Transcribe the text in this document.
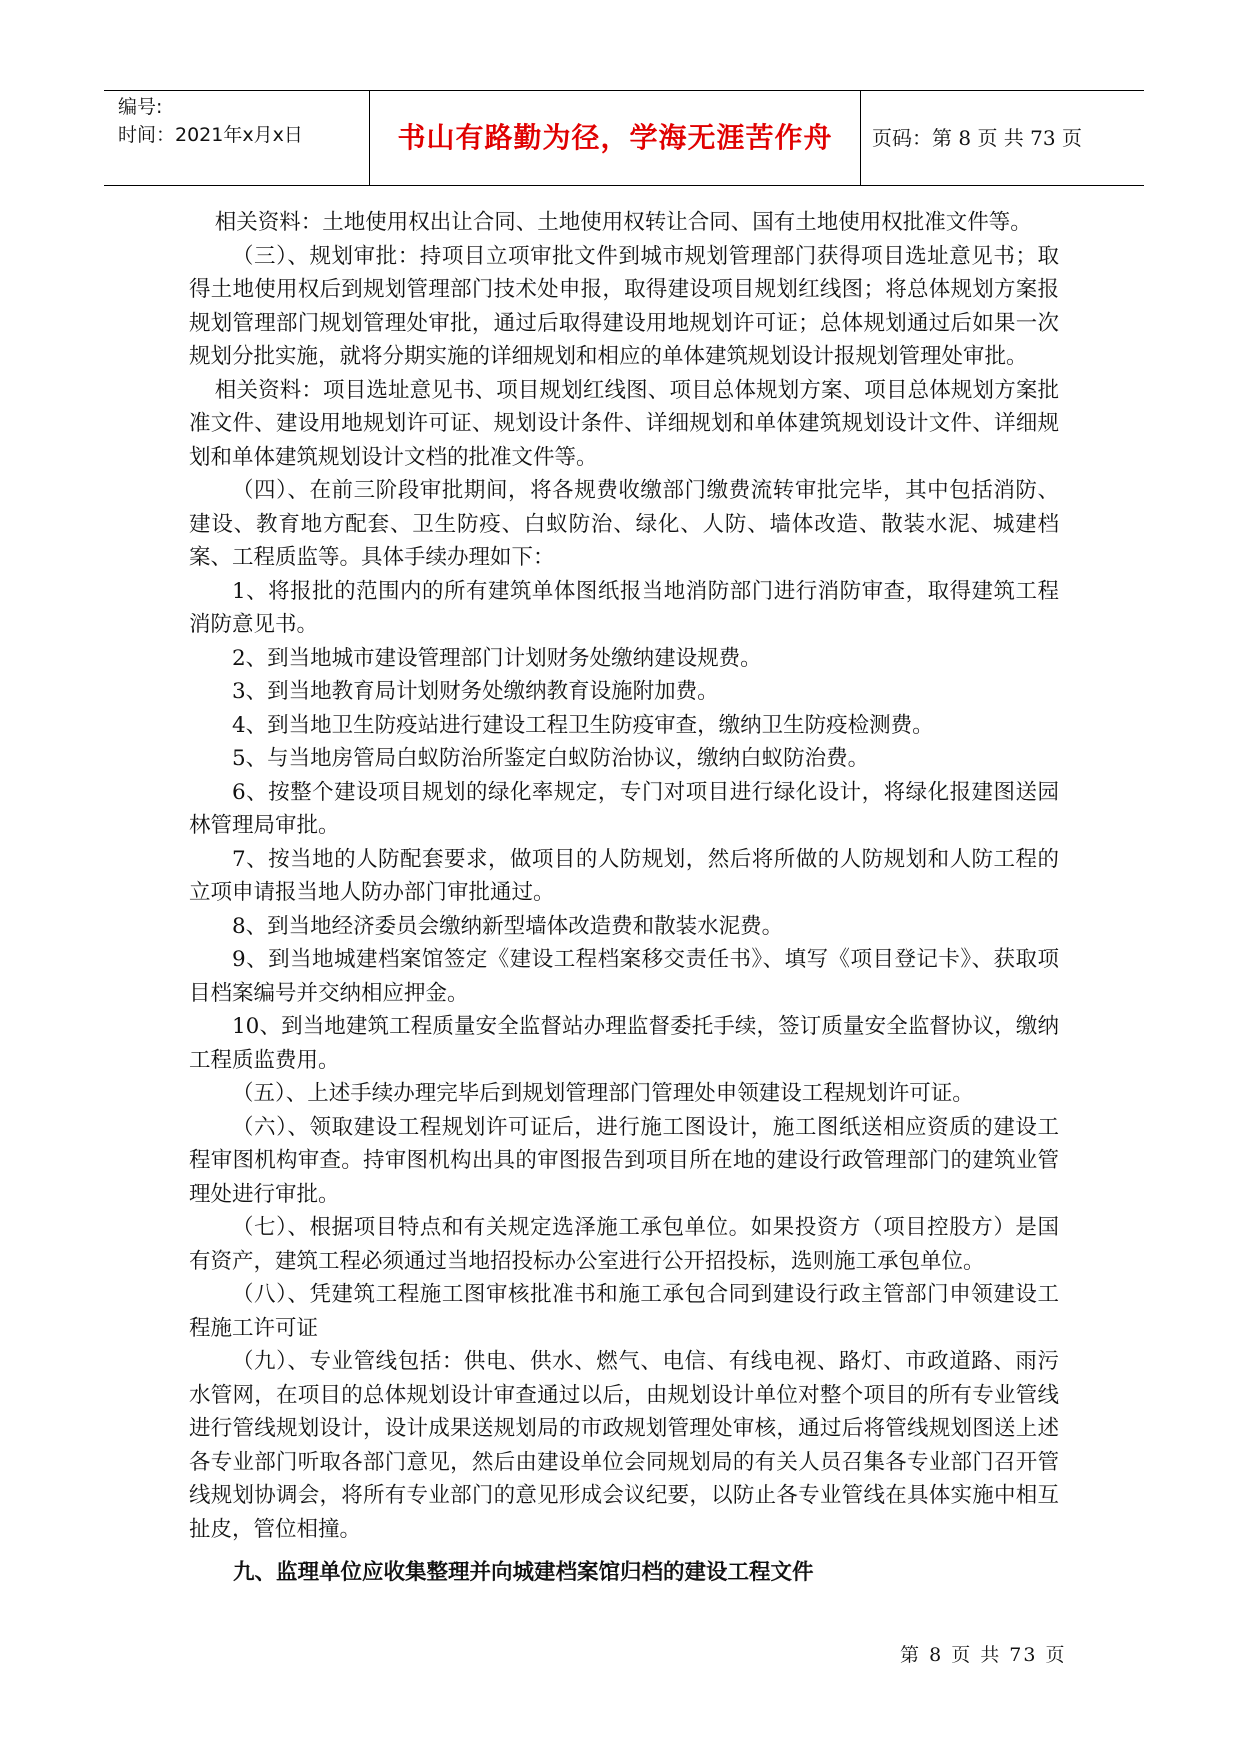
编号:
时间：2021年x月x日	书山有路勤为径，学海无涯苦作舟	页码：第 8 页 共 73 页

相关资料：土地使用权出让合同、土地使用权转让合同、国有土地使用权批准文件等。

（三）、规划审批：持项目立项审批文件到城市规划管理部门获得项目选址意见书；取得土地使用权后到规划管理部门技术处申报，取得建设项目规划红线图；将总体规划方案报规划管理部门规划管理处审批，通过后取得建设用地规划许可证；总体规划通过后如果一次规划分批实施，就将分期实施的详细规划和相应的单体建筑规划设计报规划管理处审批。

相关资料：项目选址意见书、项目规划红线图、项目总体规划方案、项目总体规划方案批准文件、建设用地规划许可证、规划设计条件、详细规划和单体建筑规划设计文件、详细规划和单体建筑规划设计文档的批准文件等。

（四）、在前三阶段审批期间，将各规费收缴部门缴费流转审批完毕，其中包括消防、建设、教育地方配套、卫生防疫、白蚁防治、绿化、人防、墙体改造、散装水泥、城建档案、工程质监等。具体手续办理如下：

1、将报批的范围内的所有建筑单体图纸报当地消防部门进行消防审查，取得建筑工程消防意见书。

2、到当地城市建设管理部门计划财务处缴纳建设规费。

3、到当地教育局计划财务处缴纳教育设施附加费。

4、到当地卫生防疫站进行建设工程卫生防疫审查，缴纳卫生防疫检测费。

5、与当地房管局白蚁防治所鉴定白蚁防治协议，缴纳白蚁防治费。

6、按整个建设项目规划的绿化率规定，专门对项目进行绿化设计，将绿化报建图送园林管理局审批。

7、按当地的人防配套要求，做项目的人防规划，然后将所做的人防规划和人防工程的立项申请报当地人防办部门审批通过。

8、到当地经济委员会缴纳新型墙体改造费和散装水泥费。

9、到当地城建档案馆签定《建设工程档案移交责任书》、填写《项目登记卡》、获取项目档案编号并交纳相应押金。

10、到当地建筑工程质量安全监督站办理监督委托手续，签订质量安全监督协议，缴纳工程质监费用。

（五）、上述手续办理完毕后到规划管理部门管理处申领建设工程规划许可证。

（六）、领取建设工程规划许可证后，进行施工图设计，施工图纸送相应资质的建设工程审图机构审查。持审图机构出具的审图报告到项目所在地的建设行政管理部门的建筑业管理处进行审批。

（七）、根据项目特点和有关规定选泽施工承包单位。如果投资方（项目控股方）是国有资产，建筑工程必须通过当地招投标办公室进行公开招投标，选则施工承包单位。

（八）、凭建筑工程施工图审核批准书和施工承包合同到建设行政主管部门申领建设工程施工许可证

（九）、专业管线包括：供电、供水、燃气、电信、有线电视、路灯、市政道路、雨污水管网，在项目的总体规划设计审查通过以后，由规划设计单位对整个项目的所有专业管线进行管线规划设计，设计成果送规划局的市政规划管理处审核，通过后将管线规划图送上述各专业部门听取各部门意见，然后由建设单位会同规划局的有关人员召集各专业部门召开管线规划协调会，将所有专业部门的意见形成会议纪要，以防止各专业管线在具体实施中相互扯皮，管位相撞。

九、监理单位应收集整理并向城建档案馆归档的建设工程文件
第 8 页 共 73 页
